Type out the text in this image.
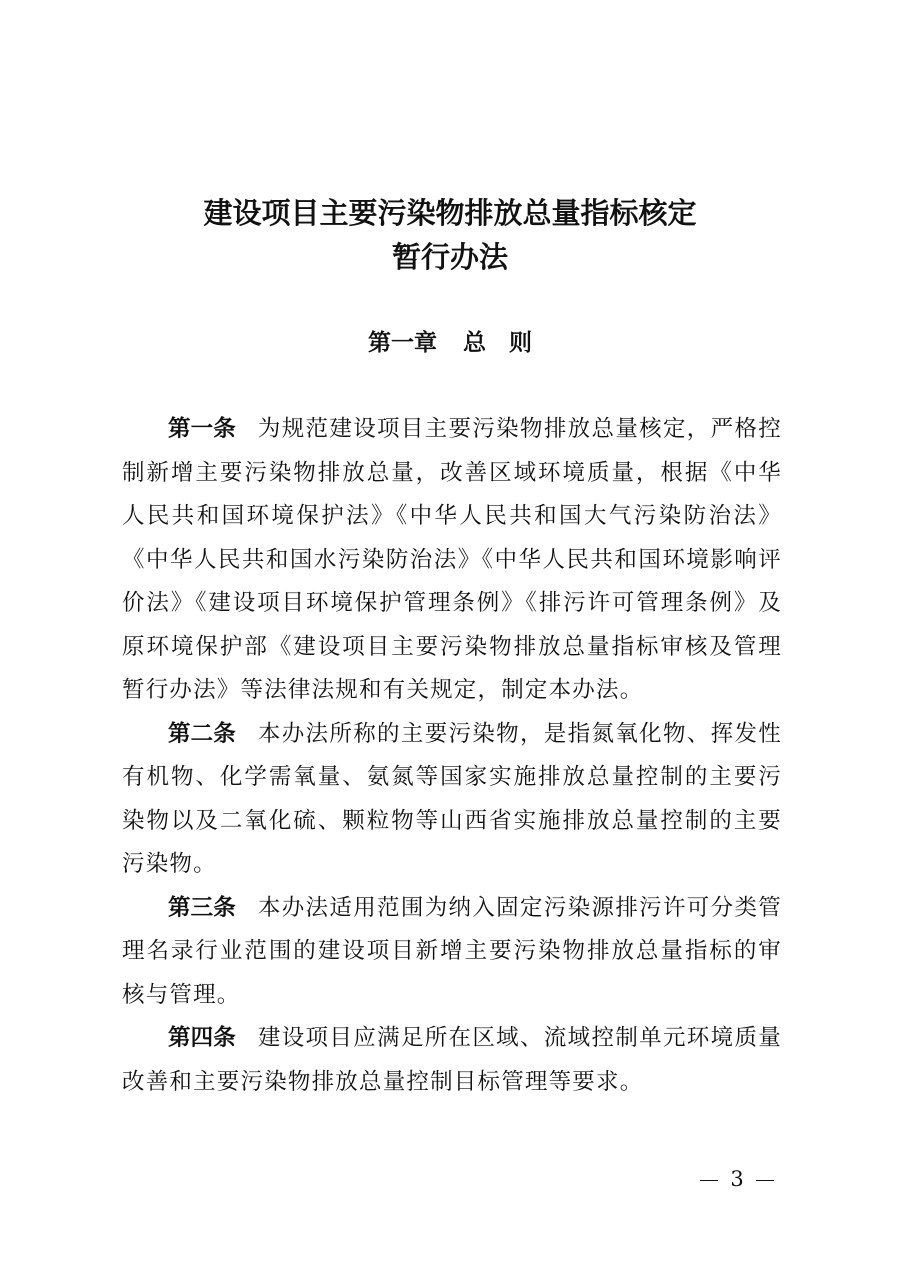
建设项目主要污染物排放总量指标核定
暂行办法
第一章 总　则

第一条 为规范建设项目主要污染物排放总量核定，严格控制新增主要污染物排放总量，改善区域环境质量，根据《中华人民共和国环境保护法》《中华人民共和国大气污染防治法》《中华人民共和国水污染防治法》《中华人民共和国环境影响评价法》《建设项目环境保护管理条例》《排污许可管理条例》及原环境保护部《建设项目主要污染物排放总量指标审核及管理暂行办法》等法律法规和有关规定，制定本办法。

第二条 本办法所称的主要污染物，是指氮氧化物、挥发性有机物、化学需氧量、氨氮等国家实施排放总量控制的主要污染物以及二氧化硫、颗粒物等山西省实施排放总量控制的主要污染物。

第三条 本办法适用范围为纳入固定污染源排污许可分类管理名录行业范围的建设项目新增主要污染物排放总量指标的审核与管理。

第四条 建设项目应满足所在区域、流域控制单元环境质量改善和主要污染物排放总量控制目标管理等要求。

3
